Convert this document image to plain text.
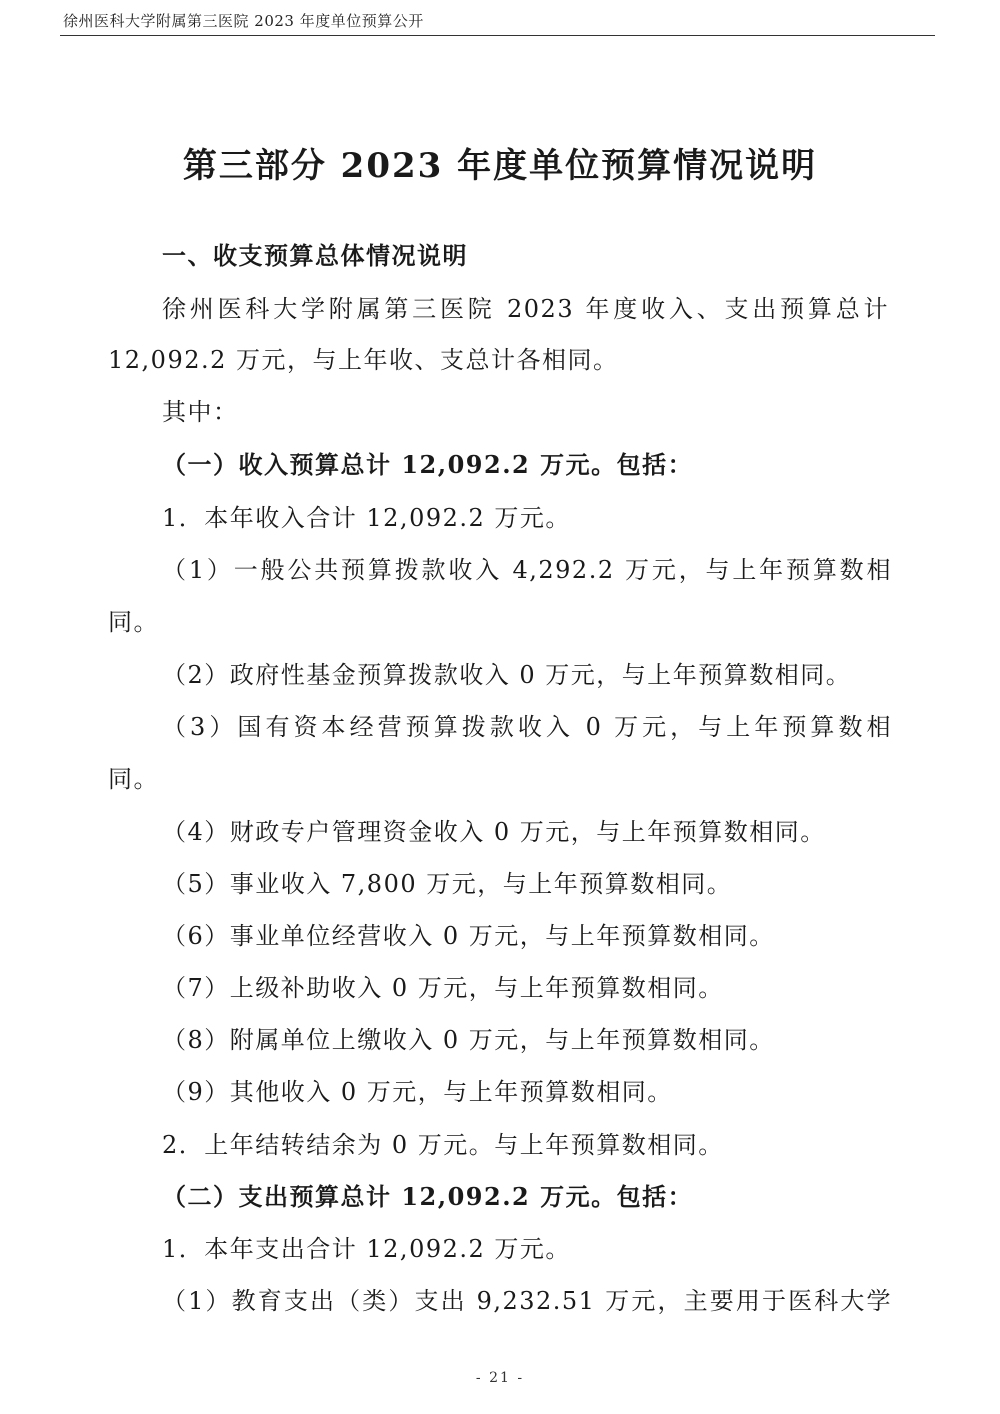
徐州医科大学附属第三医院 2023 年度单位预算公开
第三部分 2023 年度单位预算情况说明
一、收支预算总体情况说明
徐州医科大学附属第三医院 2023 年度收入、支出预算总计
12,092.2 万元，与上年收、支总计各相同。
其中：
（一）收入预算总计 12,092.2 万元。包括：
1．本年收入合计 12,092.2 万元。
（1）一般公共预算拨款收入 4,292.2 万元，与上年预算数相
同。
（2）政府性基金预算拨款收入 0 万元，与上年预算数相同。
（3）国有资本经营预算拨款收入 0 万元，与上年预算数相
同。
（4）财政专户管理资金收入 0 万元，与上年预算数相同。
（5）事业收入 7,800 万元，与上年预算数相同。
（6）事业单位经营收入 0 万元，与上年预算数相同。
（7）上级补助收入 0 万元，与上年预算数相同。
（8）附属单位上缴收入 0 万元，与上年预算数相同。
（9）其他收入 0 万元，与上年预算数相同。
2．上年结转结余为 0 万元。与上年预算数相同。
（二）支出预算总计 12,092.2 万元。包括：
1．本年支出合计 12,092.2 万元。
（1）教育支出（类）支出 9,232.51 万元，主要用于医科大学
- 21 -
